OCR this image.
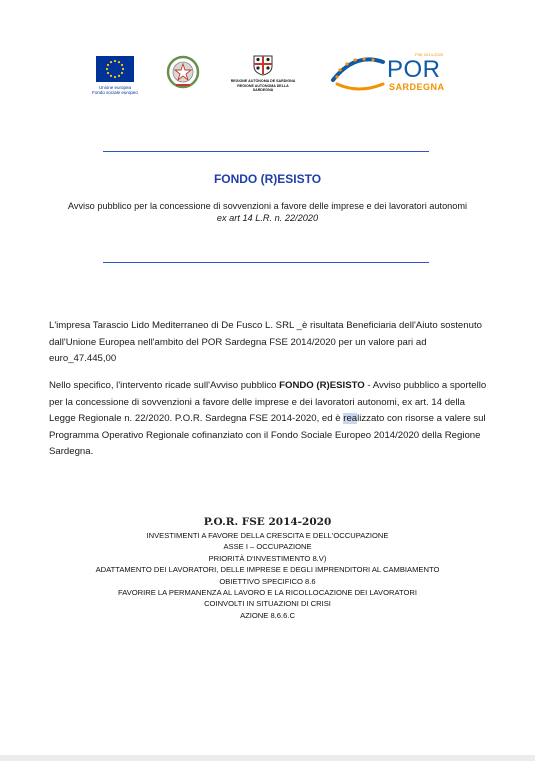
Unione europea
Fondo sociale europeo
REGIONE AUTÒNOMA DE SARDIGNA
REGIONE AUTONOMA DELLA SARDEGNA
FSE 2014-2020
POR
SARDEGNA
FONDO (R)ESISTO
Avviso pubblico per la concessione di sovvenzioni a favore delle imprese e dei lavoratori autonomi
ex art 14 L.R. n. 22/2020
L'impresa Tarascio Lido Mediterraneo di De Fusco L. SRL _è risultata Beneficiaria dell'Aiuto sostenuto dall'Unione Europea nell'ambito del POR Sardegna FSE 2014/2020 per un valore pari ad euro_47.445,00
Nello specifico, l'intervento ricade sull'Avviso pubblico FONDO (R)ESISTO - Avviso pubblico a sportello per la concessione di sovvenzioni a favore delle imprese e dei lavoratori autonomi, ex art. 14 della Legge Regionale n. 22/2020. P.O.R. Sardegna FSE 2014-2020, ed è realizzato con risorse a valere sul Programma Operativo Regionale cofinanziato con il Fondo Sociale Europeo 2014/2020 della Regione Sardegna.
P.O.R. FSE 2014-2020
INVESTIMENTI A FAVORE DELLA CRESCITA E DELL'OCCUPAZIONE
ASSE I – OCCUPAZIONE
PRIORITÀ D'INVESTIMENTO 8.V)
ADATTAMENTO DEI LAVORATORI, DELLE IMPRESE E DEGLI IMPRENDITORI AL CAMBIAMENTO
OBIETTIVO SPECIFICO 8.6
FAVORIRE LA PERMANENZA AL LAVORO E LA RICOLLOCAZIONE DEI LAVORATORI
COINVOLTI IN SITUAZIONI DI CRISI
AZIONE 8.6.6.C
